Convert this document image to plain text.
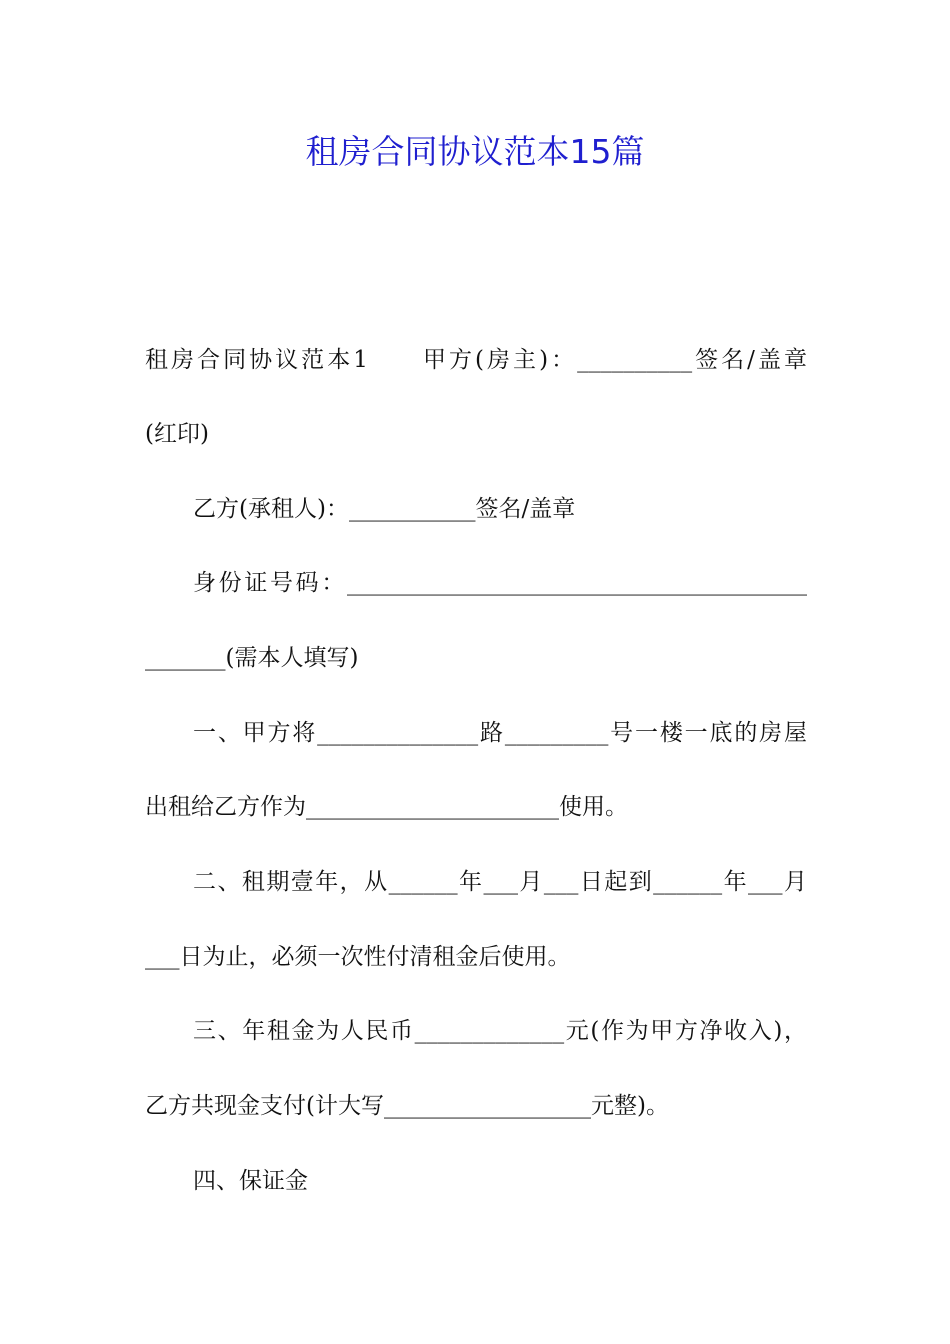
租房合同协议范本15篇
租房合同协议范本1　　甲方(房主)：__________签名/盖章
(红印)
乙方(承租人)：___________签名/盖章
身份证号码：________________________________________
_______(需本人填写)
一、甲方将______________路_________号一楼一底的房屋
出租给乙方作为______________________使用。
二、租期壹年，从______年___月___日起到______年___月
___日为止，必须一次性付清租金后使用。
三、年租金为人民币_____________元(作为甲方净收入)，
乙方共现金支付(计大写__________________元整)。
四、保证金
